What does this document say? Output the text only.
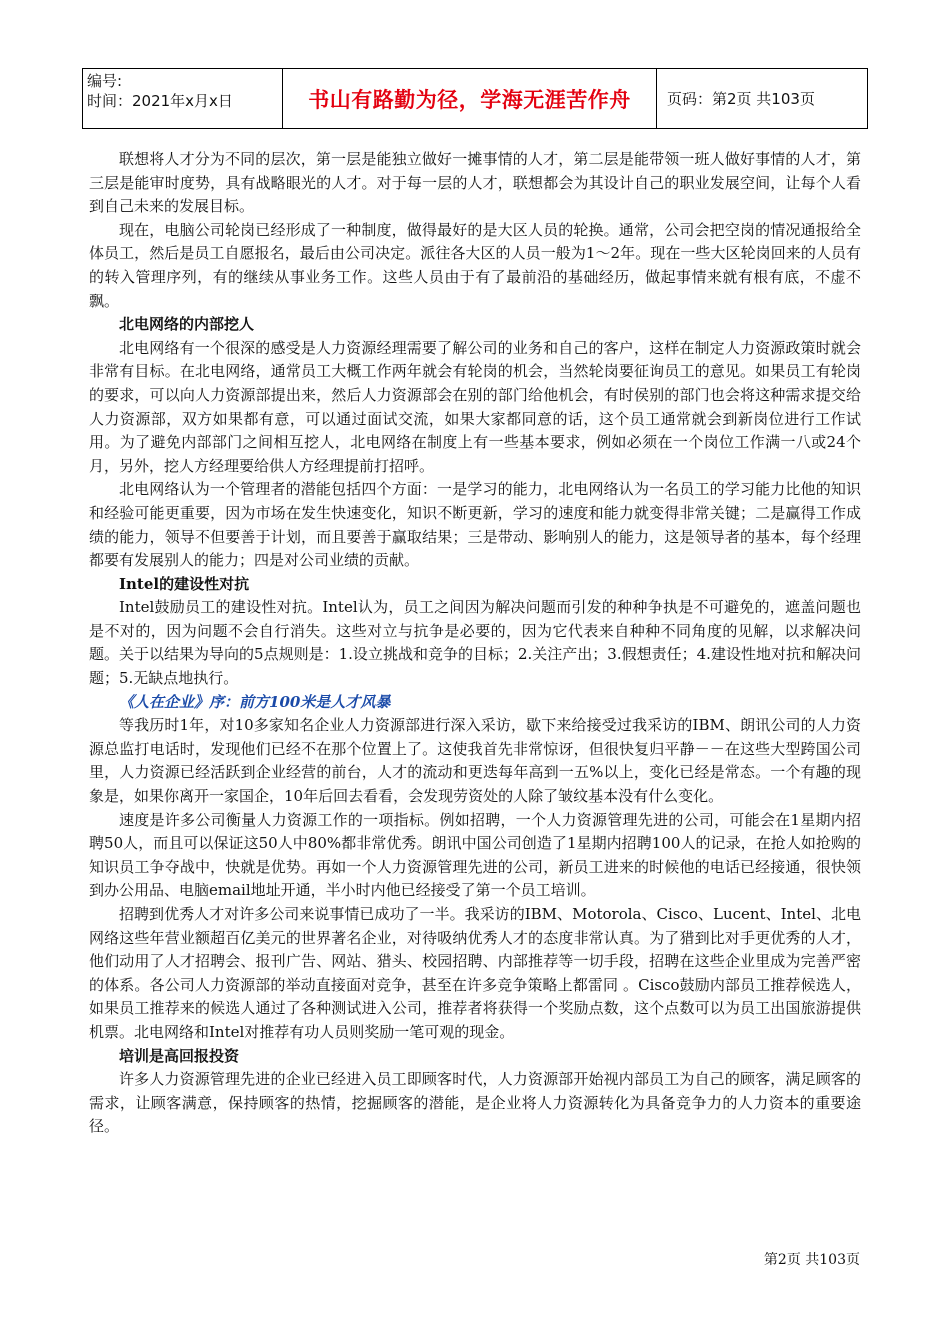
编号:
时间：2021年x月x日	书山有路勤为径，学海无涯苦作舟	页码：第2页 共103页

联想将人才分为不同的层次，第一层是能独立做好一摊事情的人才，第二层是能带领一班人做好事情的人才，第三层是能审时度势，具有战略眼光的人才。对于每一层的人才，联想都会为其设计自己的职业发展空间，让每个人看到自己未来的发展目标。

现在，电脑公司轮岗已经形成了一种制度，做得最好的是大区人员的轮换。通常，公司会把空岗的情况通报给全体员工，然后是员工自愿报名，最后由公司决定。派往各大区的人员一般为1～2年。现在一些大区轮岗回来的人员有的转入管理序列，有的继续从事业务工作。这些人员由于有了最前沿的基础经历，做起事情来就有根有底，不虚不飘。

北电网络的内部挖人

北电网络有一个很深的感受是人力资源经理需要了解公司的业务和自己的客户，这样在制定人力资源政策时就会非常有目标。在北电网络，通常员工大概工作两年就会有轮岗的机会，当然轮岗要征询员工的意见。如果员工有轮岗的要求，可以向人力资源部提出来，然后人力资源部会在别的部门给他机会，有时侯别的部门也会将这种需求提交给人力资源部，双方如果都有意，可以通过面试交流，如果大家都同意的话，这个员工通常就会到新岗位进行工作试用。为了避免内部部门之间相互挖人，北电网络在制度上有一些基本要求，例如必须在一个岗位工作满一八或24个月，另外，挖人方经理要给供人方经理提前打招呼。

北电网络认为一个管理者的潜能包括四个方面：一是学习的能力，北电网络认为一名员工的学习能力比他的知识和经验可能更重要，因为市场在发生快速变化，知识不断更新，学习的速度和能力就变得非常关键；二是赢得工作成绩的能力，领导不但要善于计划，而且要善于赢取结果；三是带动、影响别人的能力，这是领导者的基本，每个经理都要有发展别人的能力；四是对公司业绩的贡献。

Intel的建设性对抗

Intel鼓励员工的建设性对抗。Intel认为，员工之间因为解决问题而引发的种种争执是不可避免的，遮盖问题也是不对的，因为问题不会自行消失。这些对立与抗争是必要的，因为它代表来自种种不同角度的见解，以求解决问题。关于以结果为导向的5点规则是：1.设立挑战和竞争的目标；2.关注产出；3.假想责任；4.建设性地对抗和解决问题；5.无缺点地执行。

《人在企业》序：前方100米是人才风暴

等我历时1年，对10多家知名企业人力资源部进行深入采访，歇下来给接受过我采访的IBM、朗讯公司的人力资源总监打电话时，发现他们已经不在那个位置上了。这使我首先非常惊讶，但很快复归平静－－在这些大型跨国公司里，人力资源已经活跃到企业经营的前台，人才的流动和更迭每年高到一五%以上，变化已经是常态。一个有趣的现象是，如果你离开一家国企，10年后回去看看，会发现劳资处的人除了皱纹基本没有什么变化。

速度是许多公司衡量人力资源工作的一项指标。例如招聘，一个人力资源管理先进的公司，可能会在1星期内招聘50人，而且可以保证这50人中80%都非常优秀。朗讯中国公司创造了1星期内招聘100人的记录，在抢人如抢购的知识员工争夺战中，快就是优势。再如一个人力资源管理先进的公司，新员工进来的时候他的电话已经接通，很快领到办公用品、电脑email地址开通，半小时内他已经接受了第一个员工培训。

招聘到优秀人才对许多公司来说事情已成功了一半。我采访的IBM、Motorola、Cisco、Lucent、Intel、北电网络这些年营业额超百亿美元的世界著名企业，对待吸纳优秀人才的态度非常认真。为了猎到比对手更优秀的人才，他们动用了人才招聘会、报刊广告、网站、猎头、校园招聘、内部推荐等一切手段，招聘在这些企业里成为完善严密的体系。各公司人力资源部的举动直接面对竞争，甚至在许多竞争策略上都雷同 。Cisco鼓励内部员工推荐候选人，如果员工推荐来的候选人通过了各种测试进入公司，推荐者将获得一个奖励点数，这个点数可以为员工出国旅游提供机票。北电网络和Intel对推荐有功人员则奖励一笔可观的现金。

培训是高回报投资

许多人力资源管理先进的企业已经进入员工即顾客时代，人力资源部开始视内部员工为自己的顾客，满足顾客的需求，让顾客满意，保持顾客的热情，挖掘顾客的潜能，是企业将人力资源转化为具备竞争力的人力资本的重要途径。

第2页 共103页
